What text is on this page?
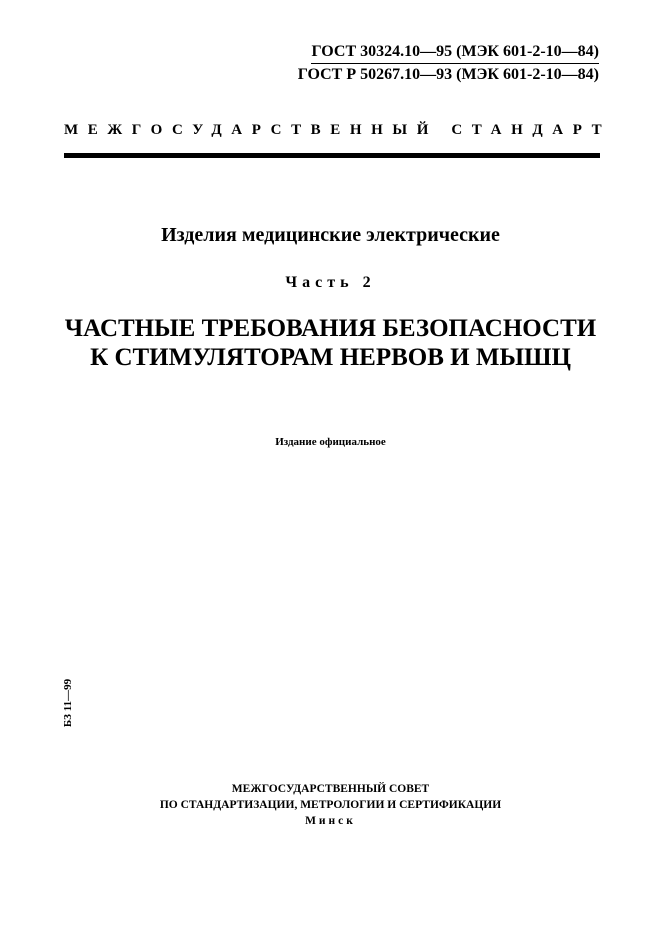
ГОСТ 30324.10—95 (МЭК 601-2-10—84)
ГОСТ Р 50267.10—93 (МЭК 601-2-10—84)
МЕЖГОСУДАРСТВЕННЫЙ СТАНДАРТ
Изделия медицинские электрические
Часть 2
ЧАСТНЫЕ ТРЕБОВАНИЯ БЕЗОПАСНОСТИ
К СТИМУЛЯТОРАМ НЕРВОВ И МЫШЦ
Издание официальное
БЗ 11—99
МЕЖГОСУДАРСТВЕННЫЙ СОВЕТ
ПО СТАНДАРТИЗАЦИИ, МЕТРОЛОГИИ И СЕРТИФИКАЦИИ
Минск
